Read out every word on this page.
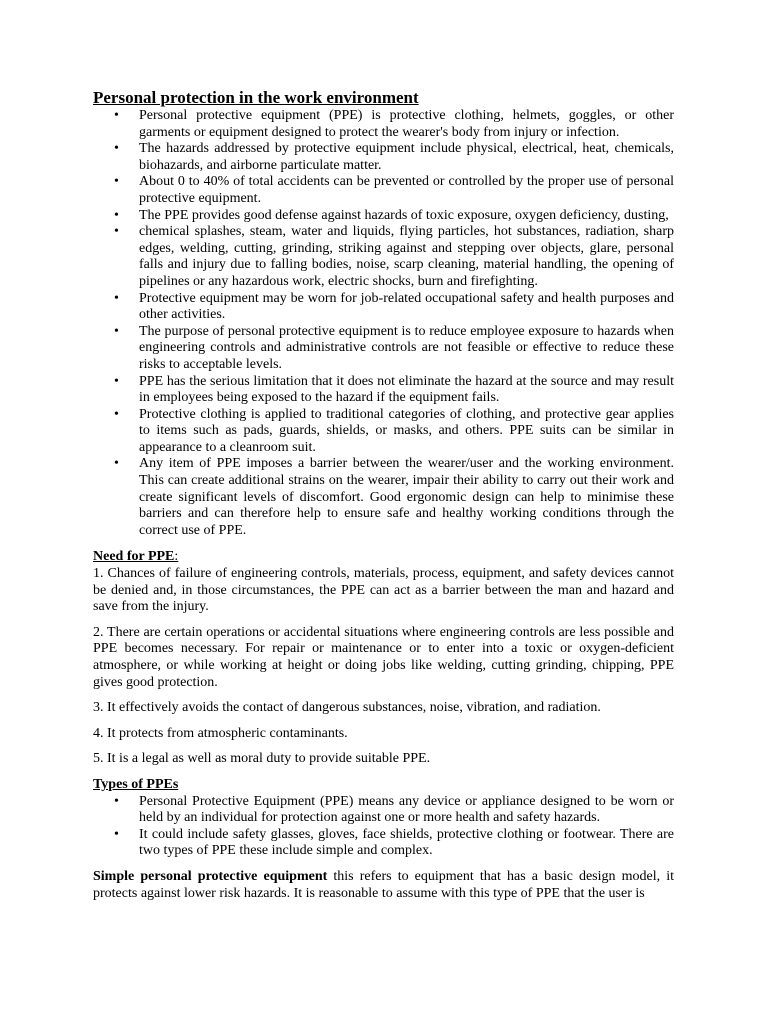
Personal protection in the work environment
• Personal protective equipment (PPE) is protective clothing, helmets, goggles, or other garments or equipment designed to protect the wearer's body from injury or infection.
• The hazards addressed by protective equipment include physical, electrical, heat, chemicals, biohazards, and airborne particulate matter.
• About 0 to 40% of total accidents can be prevented or controlled by the proper use of personal protective equipment.
• The PPE provides good defense against hazards of toxic exposure, oxygen deficiency, dusting,
• chemical splashes, steam, water and liquids, flying particles, hot substances, radiation, sharp edges, welding, cutting, grinding, striking against and stepping over objects, glare, personal falls and injury due to falling bodies, noise, scarp cleaning, material handling, the opening of pipelines or any hazardous work, electric shocks, burn and firefighting.
• Protective equipment may be worn for job-related occupational safety and health purposes and other activities.
• The purpose of personal protective equipment is to reduce employee exposure to hazards when engineering controls and administrative controls are not feasible or effective to reduce these risks to acceptable levels.
• PPE has the serious limitation that it does not eliminate the hazard at the source and may result in employees being exposed to the hazard if the equipment fails.
• Protective clothing is applied to traditional categories of clothing, and protective gear applies to items such as pads, guards, shields, or masks, and others. PPE suits can be similar in appearance to a cleanroom suit.
• Any item of PPE imposes a barrier between the wearer/user and the working environment. This can create additional strains on the wearer, impair their ability to carry out their work and create significant levels of discomfort. Good ergonomic design can help to minimise these barriers and can therefore help to ensure safe and healthy working conditions through the correct use of PPE.
Need for PPE:

1. Chances of failure of engineering controls, materials, process, equipment, and safety devices cannot be denied and, in those circumstances, the PPE can act as a barrier between the man and hazard and save from the injury.

2. There are certain operations or accidental situations where engineering controls are less possible and PPE becomes necessary. For repair or maintenance or to enter into a toxic or oxygen-deficient atmosphere, or while working at height or doing jobs like welding, cutting grinding, chipping, PPE gives good protection.

3. It effectively avoids the contact of dangerous substances, noise, vibration, and radiation.

4. It protects from atmospheric contaminants.

5. It is a legal as well as moral duty to provide suitable PPE.

Types of PPEs
• Personal Protective Equipment (PPE) means any device or appliance designed to be worn or held by an individual for protection against one or more health and safety hazards.
• It could include safety glasses, gloves, face shields, protective clothing or footwear. There are two types of PPE these include simple and complex.

Simple personal protective equipment this refers to equipment that has a basic design model, it protects against lower risk hazards. It is reasonable to assume with this type of PPE that the user is
